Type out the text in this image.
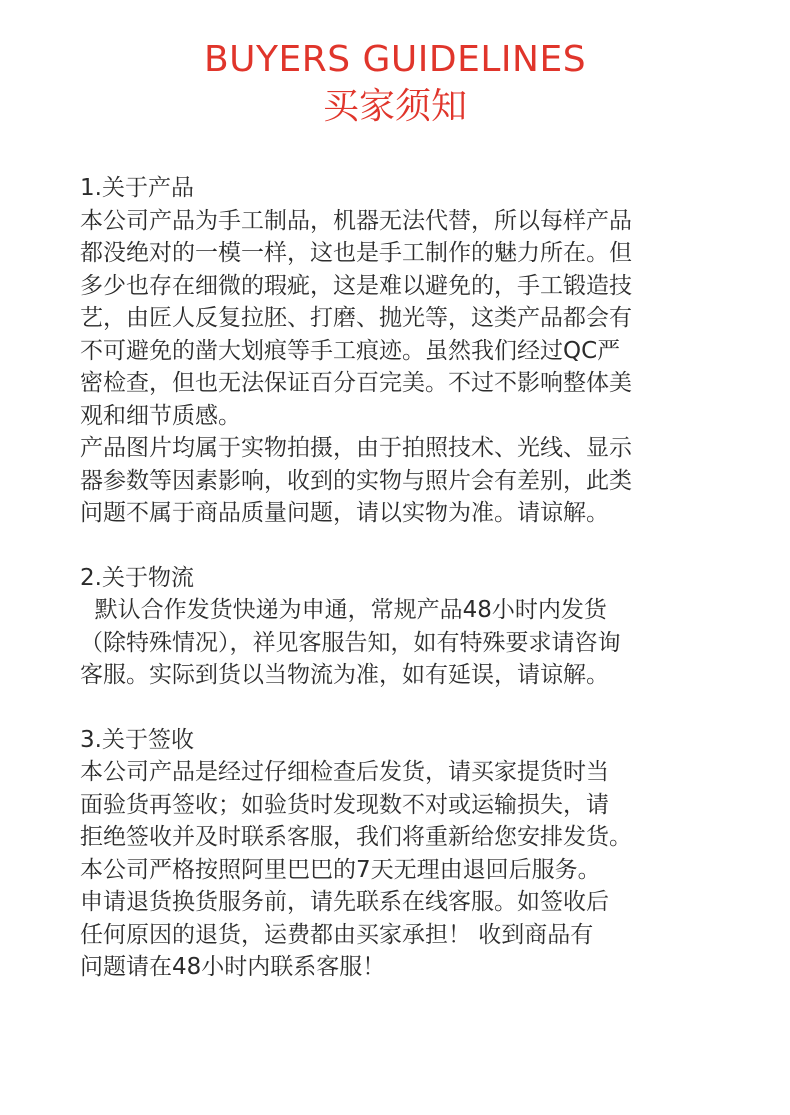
BUYERS GUIDELINES
买家须知
1.关于产品

本公司产品为手工制品，机器无法代替，所以每样产品
都没绝对的一模一样，这也是手工制作的魅力所在。但
多少也存在细微的瑕疵，这是难以避免的，手工锻造技
艺，由匠人反复拉胚、打磨、抛光等，这类产品都会有
不可避免的凿大划痕等手工痕迹。虽然我们经过QC严
密检查，但也无法保证百分百完美。不过不影响整体美
观和细节质感。

产品图片均属于实物拍摄，由于拍照技术、光线、显示
器参数等因素影响，收到的实物与照片会有差别，此类
问题不属于商品质量问题，请以实物为准。请谅解。

2.关于物流

默认合作发货快递为申通，常规产品48小时内发货
（除特殊情况），祥见客服告知，如有特殊要求请咨询
客服。实际到货以当物流为准，如有延误，请谅解。

3.关于签收

本公司产品是经过仔细检查后发货，请买家提货时当
面验货再签收；如验货时发现数不对或运输损失，请
拒绝签收并及时联系客服，我们将重新给您安排发货。
本公司严格按照阿里巴巴的7天无理由退回后服务。
申请退货换货服务前，请先联系在线客服。如签收后
任何原因的退货，运费都由买家承担！ 收到商品有
问题请在48小时内联系客服！
